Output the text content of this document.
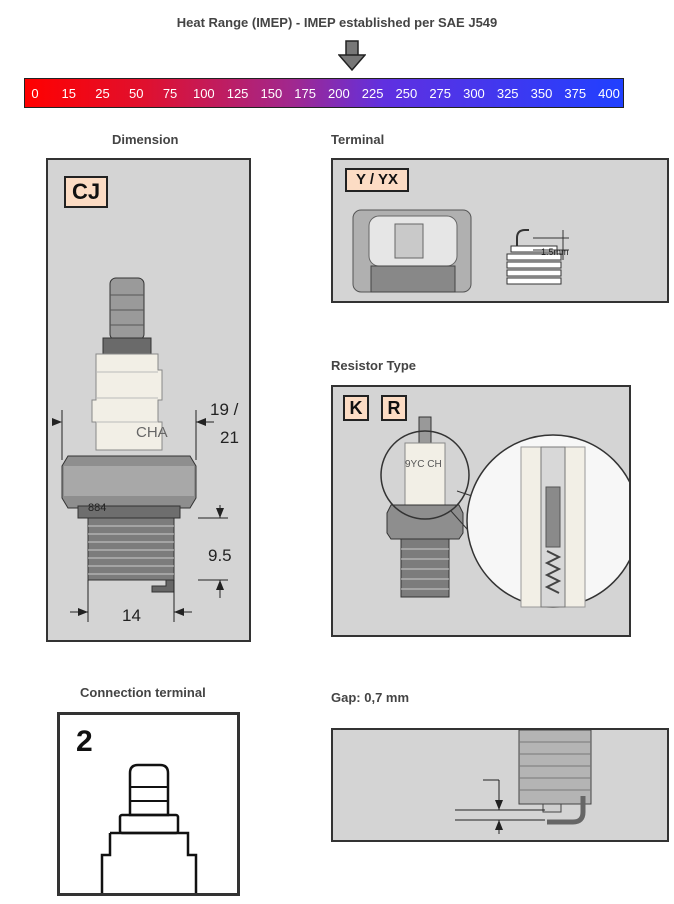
Heat Range (IMEP) - IMEP established per SAE J549
0 15 25 50 75 100 125 150 175 200 225 250 275 300 325 350 375 400
Dimension
CJ
CHA
884
19 /
21
9.5
14
Terminal
Y / YX
1.5mm
Resistor Type
K	R
9YC CH
Connection terminal
2
Gap: 0,7 mm
